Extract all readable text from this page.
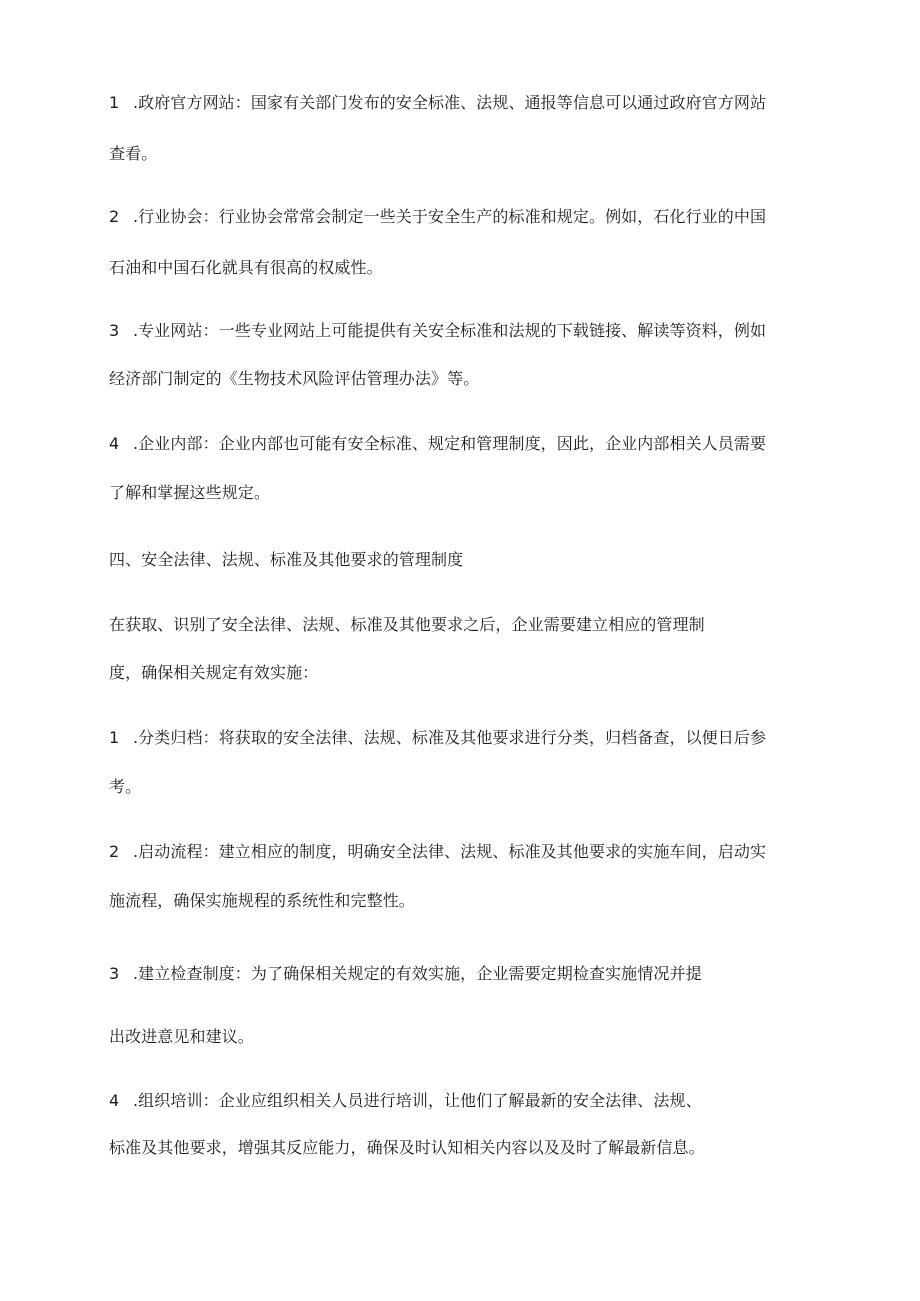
1 .政府官方网站：国家有关部门发布的安全标准、法规、通报等信息可以通过政府官方网站
查看。
2 .行业协会：行业协会常常会制定一些关于安全生产的标准和规定。例如，石化行业的中国
石油和中国石化就具有很高的权威性。
3 .专业网站：一些专业网站上可能提供有关安全标准和法规的下载链接、解读等资料，例如
经济部门制定的《生物技术风险评估管理办法》等。
4 .企业内部：企业内部也可能有安全标准、规定和管理制度，因此，企业内部相关人员需要
了解和掌握这些规定。
四、安全法律、法规、标准及其他要求的管理制度
在获取、识别了安全法律、法规、标准及其他要求之后，企业需要建立相应的管理制
度，确保相关规定有效实施：
1 .分类归档：将获取的安全法律、法规、标准及其他要求进行分类，归档备查，以便日后参
考。
2 .启动流程：建立相应的制度，明确安全法律、法规、标准及其他要求的实施车间，启动实
施流程，确保实施规程的系统性和完整性。
3 .建立检查制度：为了确保相关规定的有效实施，企业需要定期检查实施情况并提
出改进意见和建议。
4 .组织培训：企业应组织相关人员进行培训，让他们了解最新的安全法律、法规、
标准及其他要求，增强其反应能力，确保及时认知相关内容以及及时了解最新信息。
